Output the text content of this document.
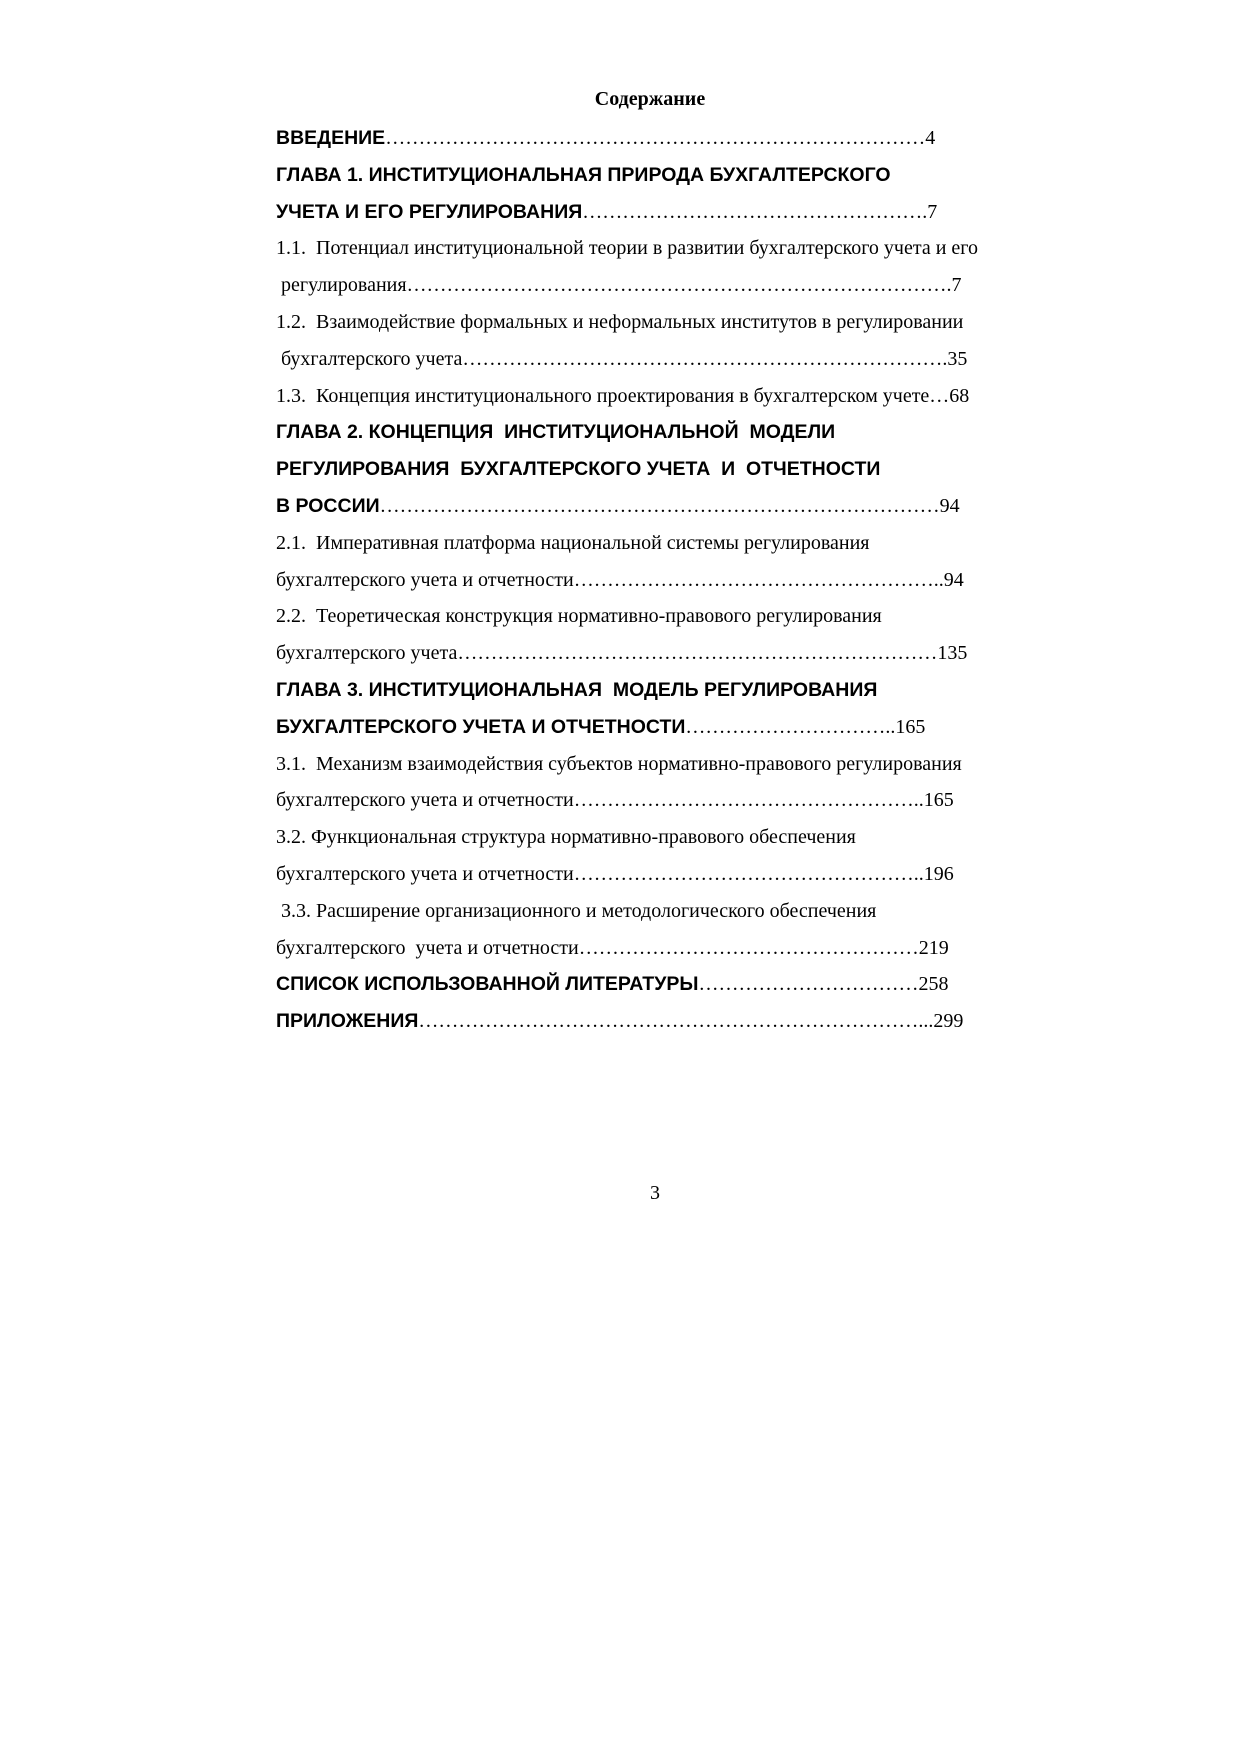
Содержание
ВВЕДЕНИЕ………………………………………………………………………4
ГЛАВА 1. ИНСТИТУЦИОНАЛЬНАЯ ПРИРОДА БУХГАЛТЕРСКОГО
УЧЕТА И ЕГО РЕГУЛИРОВАНИЯ…………………………………………….7
1.1.  Потенциал институциональной теории в развитии бухгалтерского учета и его
регулирования……………………………………………………………………….7
1.2.  Взаимодействие формальных и неформальных институтов в регулировании
бухгалтерского учета……………………………………………………………….35
1.3.  Концепция институционального проектирования в бухгалтерском учете…68
ГЛАВА 2. КОНЦЕПЦИЯ  ИНСТИТУЦИОНАЛЬНОЙ  МОДЕЛИ
РЕГУЛИРОВАНИЯ  БУХГАЛТЕРСКОГО УЧЕТА  И  ОТЧЕТНОСТИ
В РОССИИ…………………………………………………………………………94
2.1.  Императивная платформа национальной системы регулирования
бухгалтерского учета и отчетности………………………………………………..94
2.2.  Теоретическая конструкция нормативно-правового регулирования
бухгалтерского учета………………………………………………………………135
ГЛАВА 3. ИНСТИТУЦИОНАЛЬНАЯ  МОДЕЛЬ РЕГУЛИРОВАНИЯ
БУХГАЛТЕРСКОГО УЧЕТА И ОТЧЕТНОСТИ…………………………..165
3.1.  Механизм взаимодействия субъектов нормативно-правового регулирования
бухгалтерского учета и отчетности……………………………………………..165
3.2. Функциональная структура нормативно-правового обеспечения
бухгалтерского учета и отчетности……………………………………………..196
3.3. Расширение организационного и методологического обеспечения
бухгалтерского  учета и отчетности……………………………………………219
СПИСОК ИСПОЛЬЗОВАННОЙ ЛИТЕРАТУРЫ……………………………258
ПРИЛОЖЕНИЯ…………………………………………………………………...299
3
